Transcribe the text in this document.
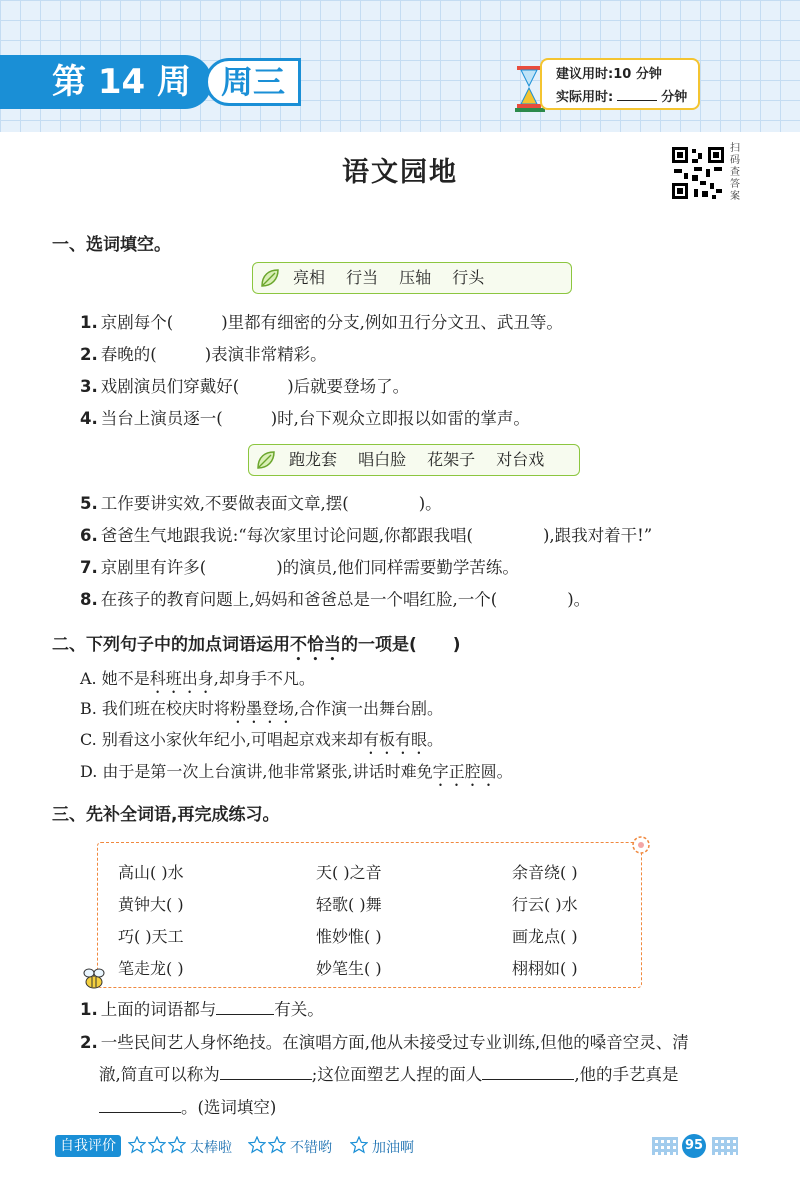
第 14 周 周三	建议用时:10 分钟
实际用时:	分钟
扫码查答案
语文园地
一、选词填空。
亮相 行当 压轴 行头
1. 京剧每个(	)里都有细密的分支,例如丑行分文丑、武丑等。
2. 春晚的(	)表演非常精彩。
3. 戏剧演员们穿戴好(	)后就要登场了。
4. 当台上演员逐一(	)时,台下观众立即报以如雷的掌声。
跑龙套 唱白脸 花架子 对台戏
5. 工作要讲实效,不要做表面文章,摆(	)。
6. 爸爸生气地跟我说:“每次家里讨论问题,你都跟我唱(	),跟我对着干!”
7. 京剧里有许多(	)的演员,他们同样需要勤学苦练。
8. 在孩子的教育问题上,妈妈和爸爸总是一个唱红脸,一个(	)。
二、下列句子中的加点词语运用不恰当的一项是( )
A. 她不是科班出身,却身手不凡。
B. 我们班在校庆时将粉墨登场,合作演一出舞台剧。
C. 别看这小家伙年纪小,可唱起京戏来却有板有眼。
D. 由于是第一次上台演讲,他非常紧张,讲话时难免字正腔圆。
三、先补全词语,再完成练习。
高山( )水	天( )之音	余音绕( )
黄钟大( )	轻歌( )舞	行云( )水
巧( )天工	惟妙惟( )	画龙点( )
笔走龙( )	妙笔生( )	栩栩如( )
1. 上面的词语都与	有关。
2. 一些民间艺人身怀绝技。在演唱方面,他从未接受过专业训练,但他的嗓音空灵、清
澈,简直可以称为	;这位面塑艺人捏的面人	,他的手艺真是
。(选词填空)
自我评价	太棒啦	不错哟	加油啊	95
